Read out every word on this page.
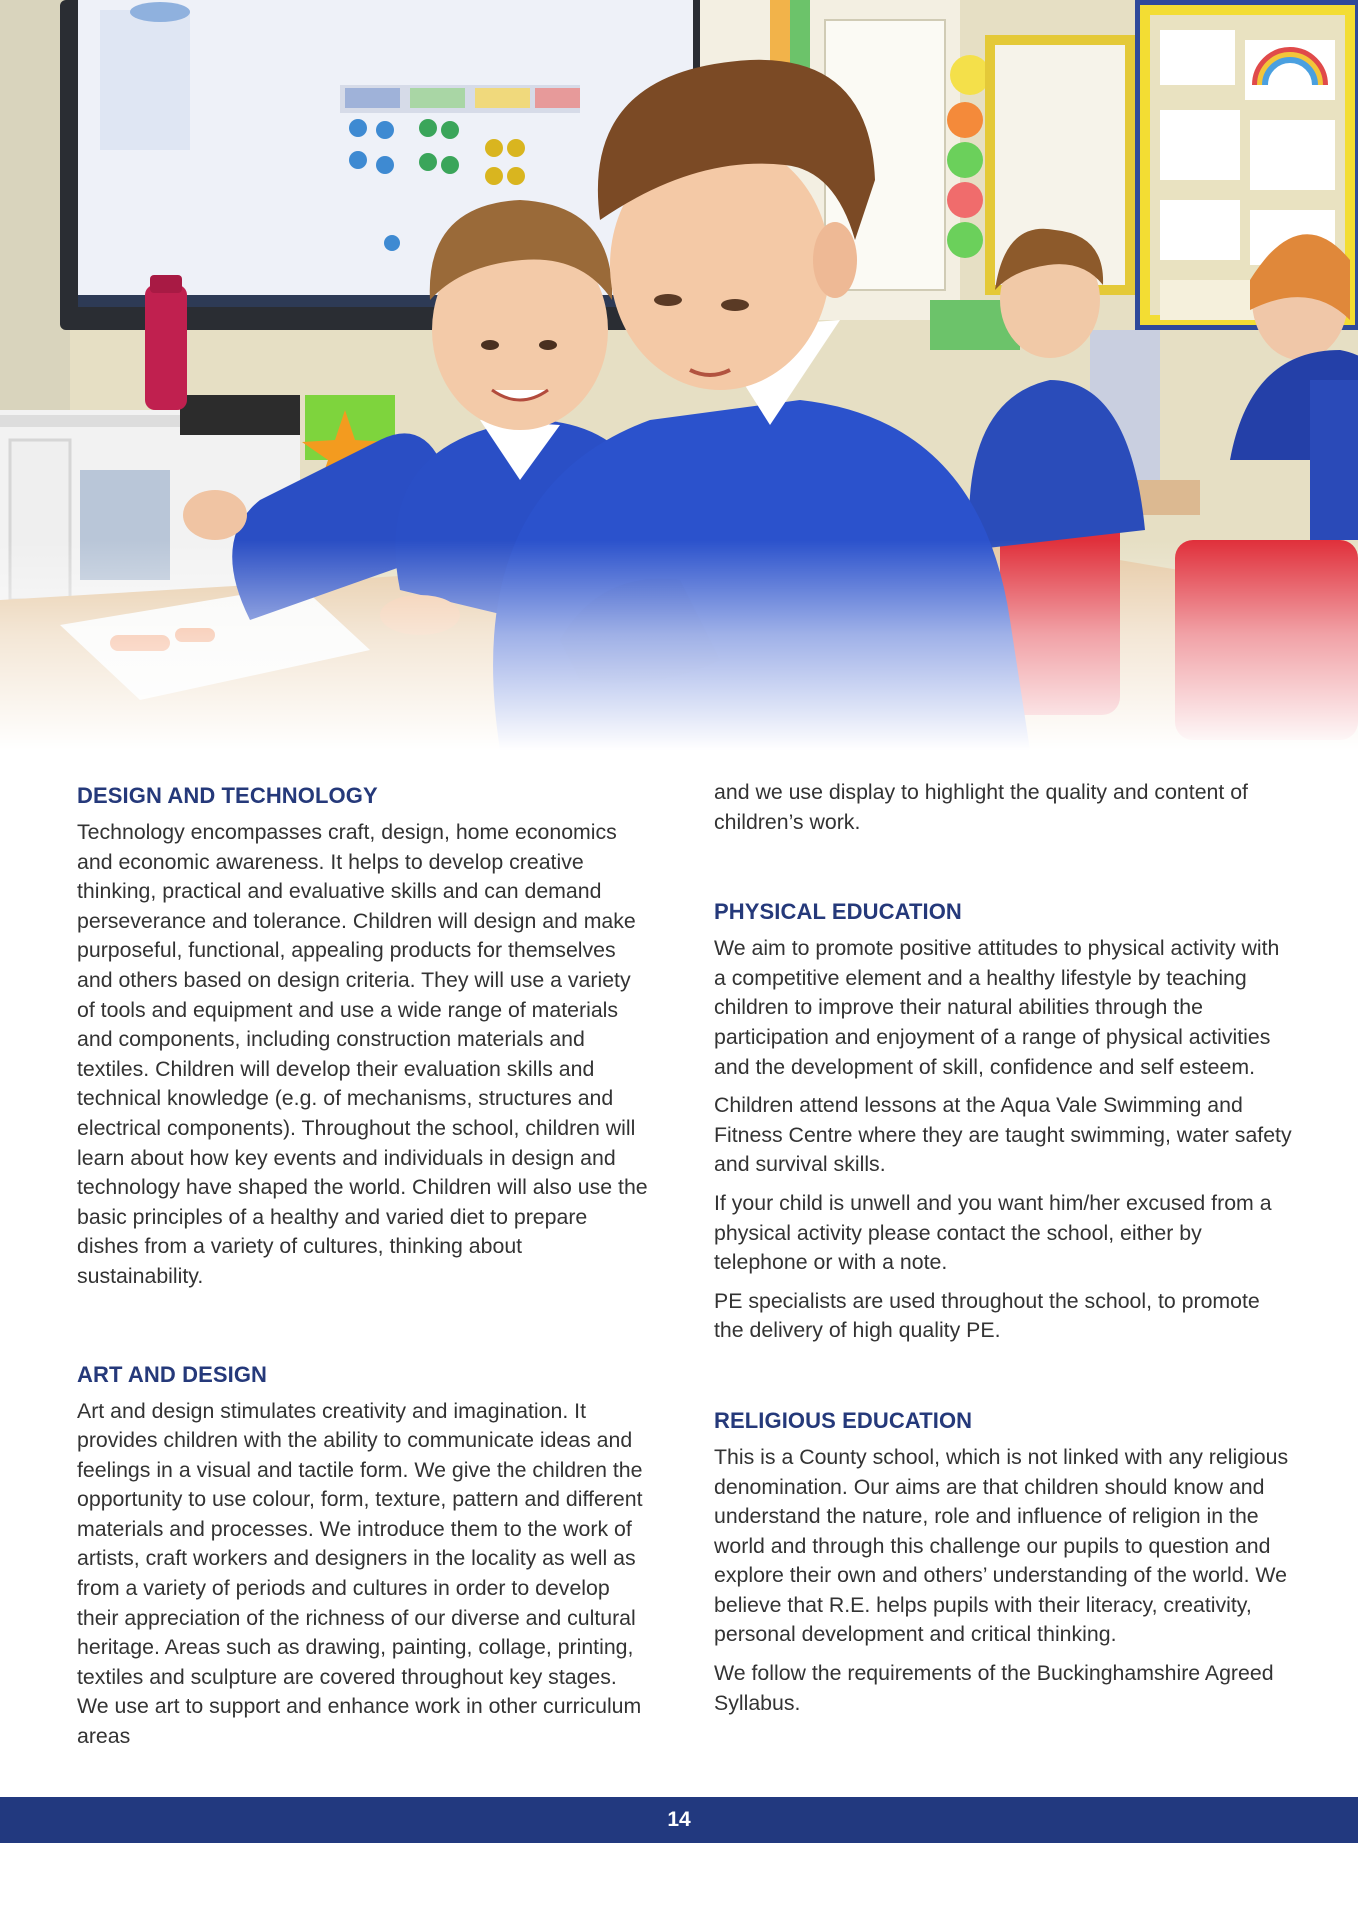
DESIGN AND TECHNOLOGY

Technology encompasses craft, design, home economics and economic awareness. It helps to develop creative thinking, practical and evaluative skills and can demand perseverance and tolerance. Children will design and make purposeful, functional, appealing products for themselves and others based on design criteria. They will use a variety of tools and equipment and use a wide range of materials and components, including construction materials and textiles. Children will develop their evaluation skills and technical knowledge (e.g. of mechanisms, structures and electrical components). Throughout the school, children will learn about how key events and individuals in design and technology have shaped the world. Children will also use the basic principles of a healthy and varied diet to prepare dishes from a variety of cultures, thinking about sustainability.

ART AND DESIGN

Art and design stimulates creativity and imagination. It provides children with the ability to communicate ideas and feelings in a visual and tactile form. We give the children the opportunity to use colour, form, texture, pattern and different materials and processes. We introduce them to the work of artists, craft workers and designers in the locality as well as from a variety of periods and cultures in order to develop their appreciation of the richness of our diverse and cultural heritage. Areas such as drawing, painting, collage, printing, textiles and sculpture are covered throughout key stages. We use art to support and enhance work in other curriculum areas

and we use display to highlight the quality and content of children’s work.

PHYSICAL EDUCATION

We aim to promote positive attitudes to physical activity with a competitive element and a healthy lifestyle by teaching children to improve their natural abilities through the participation and enjoyment of a range of physical activities and the development of skill, confidence and self esteem.

Children attend lessons at the Aqua Vale Swimming and Fitness Centre where they are taught swimming, water safety and survival skills.

If your child is unwell and you want him/her excused from a physical activity please contact the school, either by telephone or with a note.

PE specialists are used throughout the school, to promote the delivery of high quality PE.

RELIGIOUS EDUCATION

This is a County school, which is not linked with any religious denomination. Our aims are that children should know and understand the nature, role and influence of religion in the world and through this challenge our pupils to question and explore their own and others’ understanding of the world. We believe that R.E. helps pupils with their literacy, creativity, personal development and critical thinking.

We follow the requirements of the Buckinghamshire Agreed Syllabus.

14
